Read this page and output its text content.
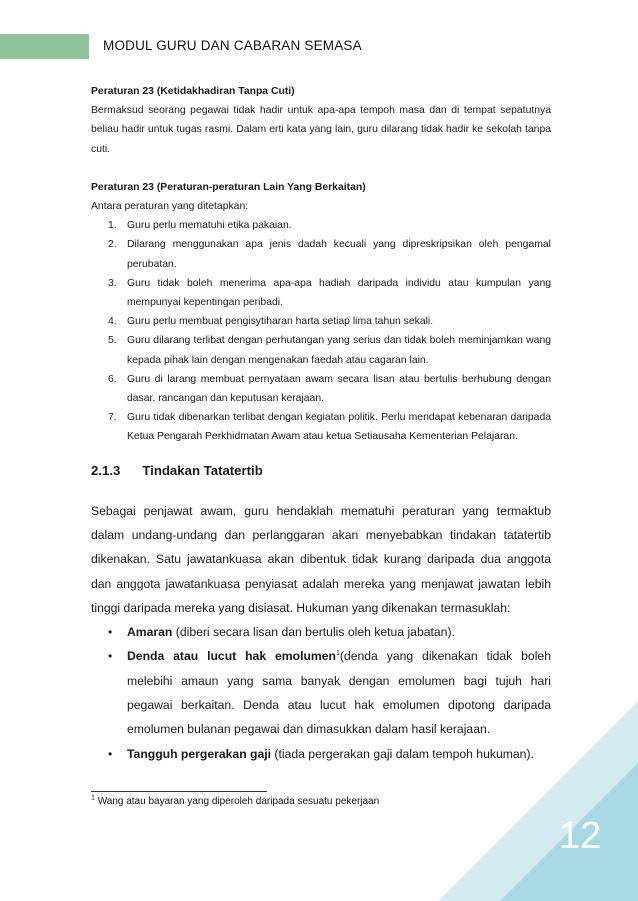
MODUL GURU DAN CABARAN SEMASA

Peraturan 23 (Ketidakhadiran Tanpa Cuti)

Bermaksud seorang pegawai tidak hadir untuk apa-apa tempoh masa dan di tempat sepatutnya beliau hadir untuk tugas rasmi. Dalam erti kata yang lain, guru dilarang tidak hadir ke sekolah tanpa cuti.

Peraturan 23 (Peraturan-peraturan Lain Yang Berkaitan)

Antara peraturan yang ditetapkan:

1. Guru perlu mematuhi etika pakaian.
2. Dilarang menggunakan apa jenis dadah kecuali yang dipreskripsikan oleh pengamal perubatan.
3. Guru tidak boleh menerima apa-apa hadiah daripada individu atau kumpulan yang mempunyai kepentingan peribadi.
4. Guru perlu membuat pengisytiharan harta setiap lima tahun sekali.
5. Guru dilarang terlibat dengan perhutangan yang serius dan tidak boleh meminjamkan wang kepada pihak lain dengan mengenakan faedah atau cagaran lain.
6. Guru di larang membuat pernyataan awam secara lisan atau bertulis berhubung dengan dasar, rancangan dan keputusan kerajaan.
7. Guru tidak dibenarkan terlibat dengan kegiatan politik. Perlu mendapat kebenaran daripada Ketua Pengarah Perkhidmatan Awam atau ketua Setiausaha Kementerian Pelajaran.
2.1.3 Tindakan Tatatertib

Sebagai penjawat awam, guru hendaklah mematuhi peraturan yang termaktub dalam undang-undang dan perlanggaran akan menyebabkan tindakan tatatertib dikenakan. Satu jawatankuasa akan dibentuk tidak kurang daripada dua anggota dan anggota jawatankuasa penyiasat adalah mereka yang menjawat jawatan lebih tinggi daripada mereka yang disiasat. Hukuman yang dikenakan termasuklah:

• Amaran (diberi secara lisan dan bertulis oleh ketua jabatan).
• Denda atau lucut hak emolumen$^1$(denda yang dikenakan tidak boleh melebihi amaun yang sama banyak dengan emolumen bagi tujuh hari pegawai berkaitan. Denda atau lucut hak emolumen dipotong daripada emolumen bulanan pegawai dan dimasukkan dalam hasil kerajaan.
• Tangguh pergerakan gaji (tiada pergerakan gaji dalam tempoh hukuman).
$^1$ Wang atau bayaran yang diperoleh daripada sesuatu pekerjaan
12
